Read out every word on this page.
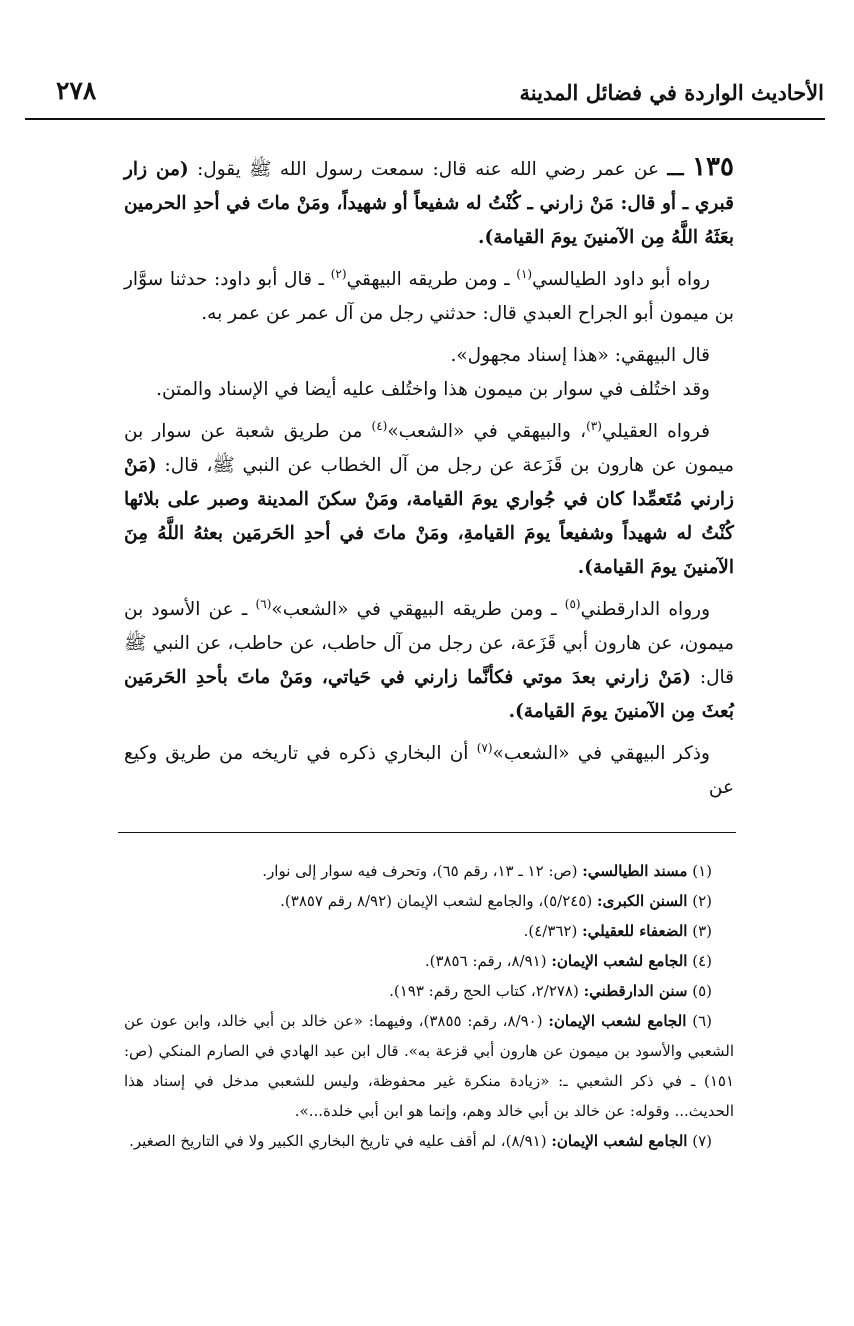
الأحاديث الواردة في فضائل المدينة
٢٧٨

١٣٥ ـــ عن عمر رضي الله عنه قال: سمعت رسول الله ﷺ يقول: (من زار قبري ـ أو قال: مَنْ زارني ـ كُنْتُ له شفيعاً أو شهيداً، ومَنْ ماتَ في أحدِ الحرمين بعَثَهُ اللَّهُ مِن الآمنينَ يومَ القيامة).

رواه أبو داود الطيالسي$^{(١)}$ ـ ومن طريقه البيهقي$^{(٢)}$ ـ قال أبو داود: حدثنا سوَّار بن ميمون أبو الجراح العبدي قال: حدثني رجل من آل عمر عن عمر به.

قال البيهقي: «هذا إسناد مجهول».

وقد اختُلف في سوار بن ميمون هذا واختُلف عليه أيضا في الإسناد والمتن.

فرواه العقيلي$^{(٣)}$، والبيهقي في «الشعب»$^{(٤)}$ من طريق شعبة عن سوار بن ميمون عن هارون بن قَزَعة عن رجل من آل الخطاب عن النبي ﷺ، قال: (مَنْ زارني مُتَعمِّدا كان في جُواري يومَ القيامة، ومَنْ سكنَ المدينة وصبر على بلائها كُنْتُ له شهيداً وشفيعاً يومَ القيامةِ، ومَنْ ماتَ في أحدِ الحَرمَين بعثهُ اللَّهُ مِنَ الآمنينَ يومَ القيامة).

ورواه الدارقطني$^{(٥)}$ ـ ومن طريقه البيهقي في «الشعب»$^{(٦)}$ ـ عن الأسود بن ميمون، عن هارون أبي قَزَعة، عن رجل من آل حاطب، عن حاطب، عن النبي ﷺ قال: (مَنْ زارني بعدَ موتي فكأنَّما زارني في حَياتي، ومَنْ ماتَ بأحدِ الحَرمَين بُعثَ مِن الآمنينَ يومَ القيامة).

وذكر البيهقي في «الشعب»$^{(٧)}$ أن البخاري ذكره في تاريخه من طريق وكيع عن

(١) مسند الطيالسي: (ص: ١٢ ـ ١٣، رقم ٦٥)، وتحرف فيه سوار إلى نوار.

(٢) السنن الكبرى: (٥/٢٤٥)، والجامع لشعب الإيمان (٨/٩٢ رقم ٣٨٥٧).

(٣) الضعفاء للعقيلي: (٤/٣٦٢).

(٤) الجامع لشعب الإيمان: (٨/٩١، رقم: ٣٨٥٦).

(٥) سنن الدارقطني: (٢/٢٧٨، كتاب الحج رقم: ١٩٣).

(٦) الجامع لشعب الإيمان: (٨/٩٠، رقم: ٣٨٥٥)، وفيهما: «عن خالد بن أبي خالد، وابن عون عن الشعبي والأسود بن ميمون عن هارون أبي قزعة به». قال ابن عبد الهادي في الصارم المنكي (ص: ١٥١) ـ في ذكر الشعبي ـ: «زيادة منكرة غير محفوظة، وليس للشعبي مدخل في إسناد هذا الحديث... وقوله: عن خالد بن أبي خالد وهم، وإنما هو ابن أبي خلدة...».

(٧) الجامع لشعب الإيمان: (٨/٩١)، لم أقف عليه في تاريخ البخاري الكبير ولا في التاريخ الصغير.
